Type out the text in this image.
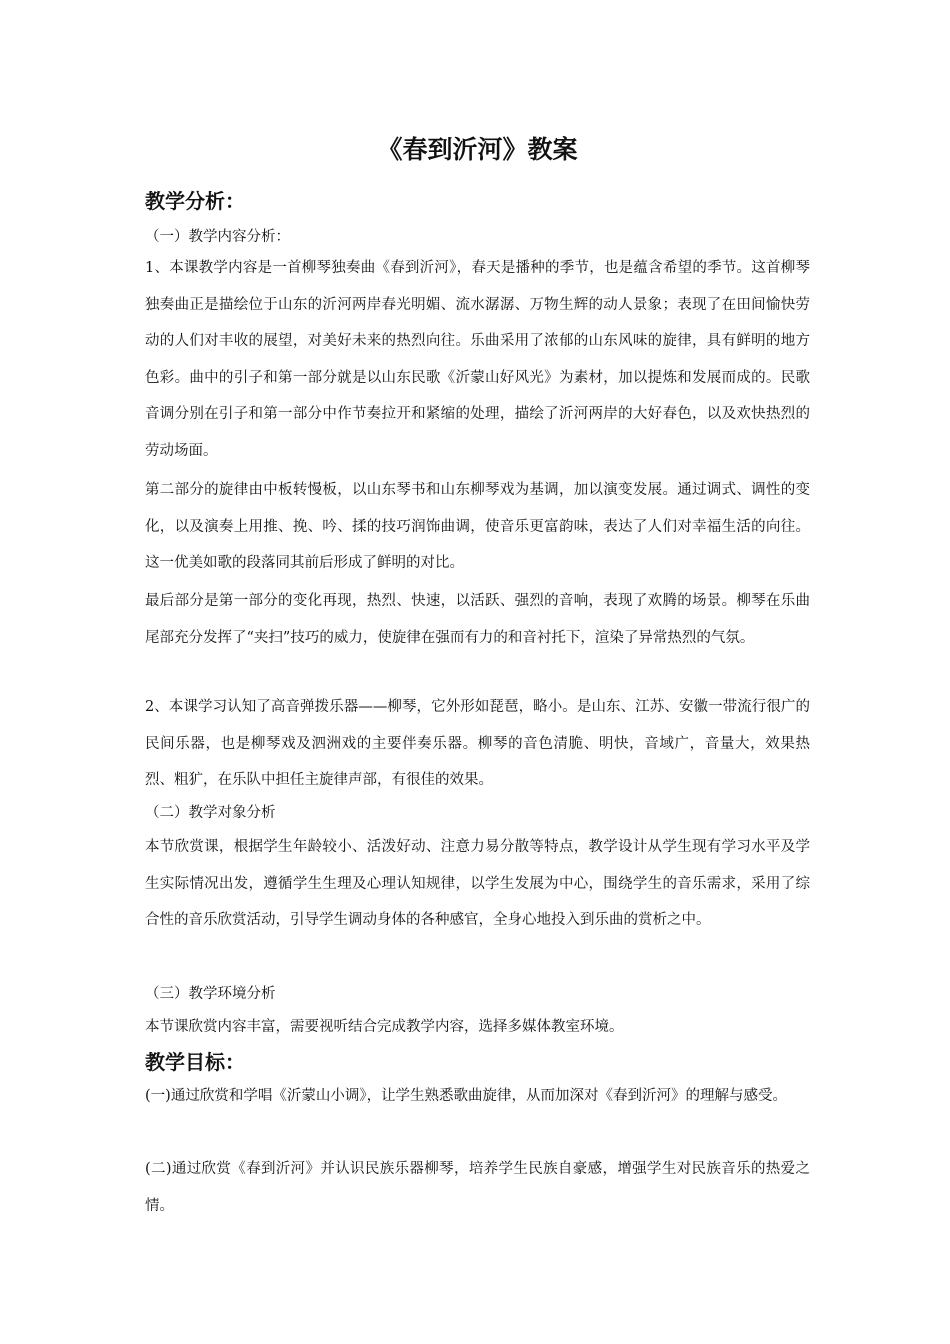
《春到沂河》教案
教学分析：
（一）教学内容分析：
1、本课教学内容是一首柳琴独奏曲《春到沂河》，春天是播种的季节，也是蕴含希望的季节。这首柳琴独奏曲正是描绘位于山东的沂河两岸春光明媚、流水潺潺、万物生辉的动人景象；表现了在田间愉快劳动的人们对丰收的展望，对美好未来的热烈向往。乐曲采用了浓郁的山东风味的旋律，具有鲜明的地方色彩。曲中的引子和第一部分就是以山东民歌《沂蒙山好风光》为素材，加以提炼和发展而成的。民歌音调分别在引子和第一部分中作节奏拉开和紧缩的处理，描绘了沂河两岸的大好春色，以及欢快热烈的劳动场面。
第二部分的旋律由中板转慢板，以山东琴书和山东柳琴戏为基调，加以演变发展。通过调式、调性的变化，以及演奏上用推、挽、吟、揉的技巧润饰曲调，使音乐更富韵味，表达了人们对幸福生活的向往。这一优美如歌的段落同其前后形成了鲜明的对比。
最后部分是第一部分的变化再现，热烈、快速，以活跃、强烈的音响，表现了欢腾的场景。柳琴在乐曲尾部充分发挥了“夹扫”技巧的威力，使旋律在强而有力的和音衬托下，渲染了异常热烈的气氛。
2、本课学习认知了高音弹拨乐器——柳琴，它外形如琵琶，略小。是山东、江苏、安徽一带流行很广的民间乐器，也是柳琴戏及泗洲戏的主要伴奏乐器。柳琴的音色清脆、明快，音域广，音量大，效果热烈、粗犷，在乐队中担任主旋律声部，有很佳的效果。
（二）教学对象分析
本节欣赏课，根据学生年龄较小、活泼好动、注意力易分散等特点，教学设计从学生现有学习水平及学生实际情况出发，遵循学生生理及心理认知规律，以学生发展为中心，围绕学生的音乐需求，采用了综合性的音乐欣赏活动，引导学生调动身体的各种感官，全身心地投入到乐曲的赏析之中。
（三）教学环境分析
本节课欣赏内容丰富，需要视听结合完成教学内容，选择多媒体教室环境。
教学目标：
(一)通过欣赏和学唱《沂蒙山小调》，让学生熟悉歌曲旋律，从而加深对《春到沂河》的理解与感受。
(二)通过欣赏《春到沂河》并认识民族乐器柳琴，培养学生民族自豪感，增强学生对民族音乐的热爱之情。
